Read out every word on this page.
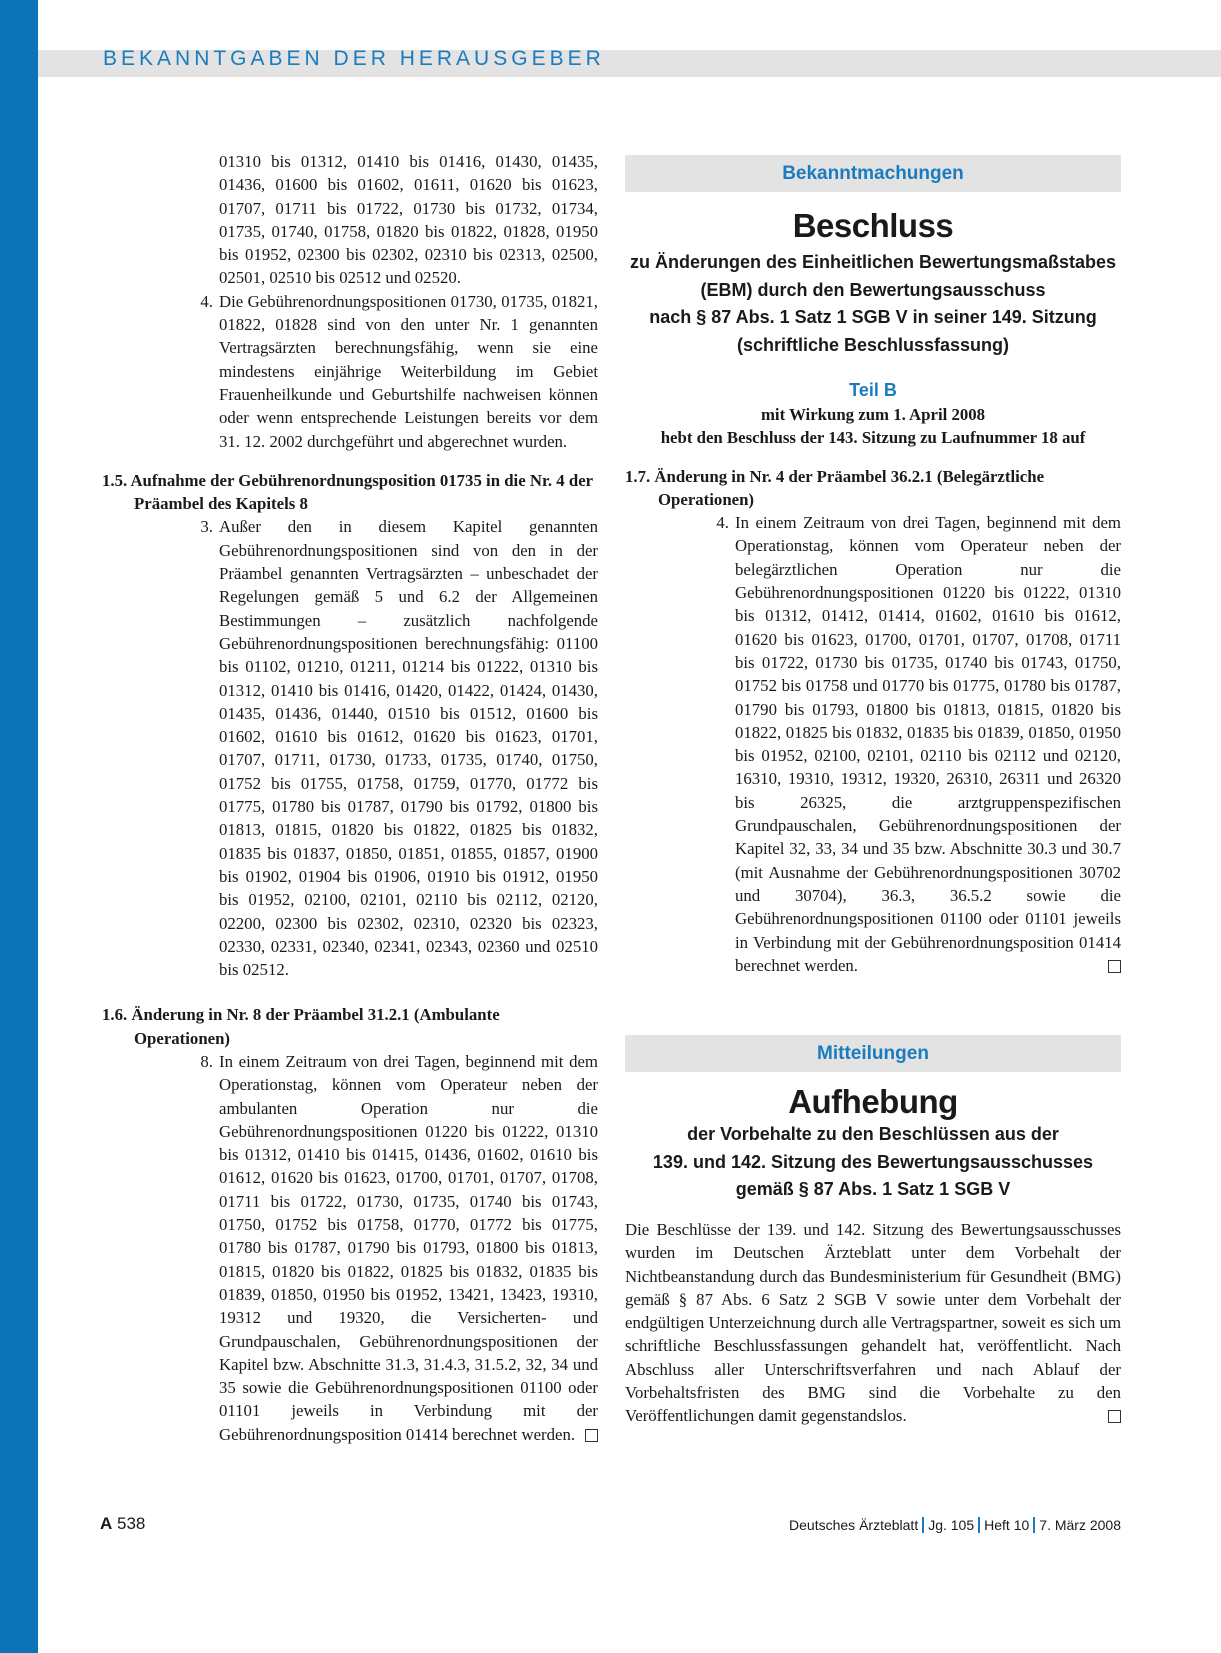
BEKANNTGABEN DER HERAUSGEBER

01310 bis 01312, 01410 bis 01416, 01430, 01435, 01436, 01600 bis 01602, 01611, 01620 bis 01623, 01707, 01711 bis 01722, 01730 bis 01732, 01734, 01735, 01740, 01758, 01820 bis 01822, 01828, 01950 bis 01952, 02300 bis 02302, 02310 bis 02313, 02500, 02501, 02510 bis 02512 und 02520.

4. Die Gebührenordnungspositionen 01730, 01735, 01821, 01822, 01828 sind von den unter Nr. 1 genannten Vertragsärzten berechnungsfähig, wenn sie eine mindestens einjährige Weiterbildung im Gebiet Frauenheilkunde und Geburtshilfe nachweisen können oder wenn entsprechende Leistungen bereits vor dem 31. 12. 2002 durchgeführt und abgerechnet wurden.

1.5. Aufnahme der Gebührenordnungsposition 01735 in die Nr. 4 der Präambel des Kapitels 8

3. Außer den in diesem Kapitel genannten Gebührenordnungspositionen sind von den in der Präambel genannten Vertragsärzten – unbeschadet der Regelungen gemäß 5 und 6.2 der Allgemeinen Bestimmungen – zusätzlich nachfolgende Gebührenordnungspositionen berechnungsfähig: 01100 bis 01102, 01210, 01211, 01214 bis 01222, 01310 bis 01312, 01410 bis 01416, 01420, 01422, 01424, 01430, 01435, 01436, 01440, 01510 bis 01512, 01600 bis 01602, 01610 bis 01612, 01620 bis 01623, 01701, 01707, 01711, 01730, 01733, 01735, 01740, 01750, 01752 bis 01755, 01758, 01759, 01770, 01772 bis 01775, 01780 bis 01787, 01790 bis 01792, 01800 bis 01813, 01815, 01820 bis 01822, 01825 bis 01832, 01835 bis 01837, 01850, 01851, 01855, 01857, 01900 bis 01902, 01904 bis 01906, 01910 bis 01912, 01950 bis 01952, 02100, 02101, 02110 bis 02112, 02120, 02200, 02300 bis 02302, 02310, 02320 bis 02323, 02330, 02331, 02340, 02341, 02343, 02360 und 02510 bis 02512.

1.6. Änderung in Nr. 8 der Präambel 31.2.1 (Ambulante Operationen)

8. In einem Zeitraum von drei Tagen, beginnend mit dem Operationstag, können vom Operateur neben der ambulanten Operation nur die Gebührenordnungspositionen 01220 bis 01222, 01310 bis 01312, 01410 bis 01415, 01436, 01602, 01610 bis 01612, 01620 bis 01623, 01700, 01701, 01707, 01708, 01711 bis 01722, 01730, 01735, 01740 bis 01743, 01750, 01752 bis 01758, 01770, 01772 bis 01775, 01780 bis 01787, 01790 bis 01793, 01800 bis 01813, 01815, 01820 bis 01822, 01825 bis 01832, 01835 bis 01839, 01850, 01950 bis 01952, 13421, 13423, 19310, 19312 und 19320, die Versicherten- und Grundpauschalen, Gebührenordnungspositionen der Kapitel bzw. Abschnitte 31.3, 31.4.3, 31.5.2, 32, 34 und 35 sowie die Gebührenordnungspositionen 01100 oder 01101 jeweils in Verbindung mit der Gebührenordnungsposition 01414 berechnet werden.
Bekanntmachungen
Beschluss
zu Änderungen des Einheitlichen Bewertungsmaßstabes
(EBM) durch den Bewertungsausschuss
nach § 87 Abs. 1 Satz 1 SGB V in seiner 149. Sitzung
(schriftliche Beschlussfassung)
Teil B
mit Wirkung zum 1. April 2008
hebt den Beschluss der 143. Sitzung zu Laufnummer 18 auf

1.7. Änderung in Nr. 4 der Präambel 36.2.1 (Belegärztliche Operationen)

4. In einem Zeitraum von drei Tagen, beginnend mit dem Operationstag, können vom Operateur neben der belegärztlichen Operation nur die Gebührenordnungspositionen 01220 bis 01222, 01310 bis 01312, 01412, 01414, 01602, 01610 bis 01612, 01620 bis 01623, 01700, 01701, 01707, 01708, 01711 bis 01722, 01730 bis 01735, 01740 bis 01743, 01750, 01752 bis 01758 und 01770 bis 01775, 01780 bis 01787, 01790 bis 01793, 01800 bis 01813, 01815, 01820 bis 01822, 01825 bis 01832, 01835 bis 01839, 01850, 01950 bis 01952, 02100, 02101, 02110 bis 02112 und 02120, 16310, 19310, 19312, 19320, 26310, 26311 und 26320 bis 26325, die arztgruppenspezifischen Grundpauschalen, Gebührenordnungspositionen der Kapitel 32, 33, 34 und 35 bzw. Abschnitte 30.3 und 30.7 (mit Ausnahme der Gebührenordnungspositionen 30702 und 30704), 36.3, 36.5.2 sowie die Gebührenordnungspositionen 01100 oder 01101 jeweils in Verbindung mit der Gebührenordnungsposition 01414 berechnet werden.
Mitteilungen
Aufhebung
der Vorbehalte zu den Beschlüssen aus der
139. und 142. Sitzung des Bewertungsausschusses
gemäß § 87 Abs. 1 Satz 1 SGB V

Die Beschlüsse der 139. und 142. Sitzung des Bewertungsausschusses wurden im Deutschen Ärzteblatt unter dem Vorbehalt der Nichtbeanstandung durch das Bundesministerium für Gesundheit (BMG) gemäß § 87 Abs. 6 Satz 2 SGB V sowie unter dem Vorbehalt der endgültigen Unterzeichnung durch alle Vertragspartner, soweit es sich um schriftliche Beschlussfassungen gehandelt hat, veröffentlicht. Nach Abschluss aller Unterschriftsverfahren und nach Ablauf der Vorbehaltsfristen des BMG sind die Vorbehalte zu den Veröffentlichungen damit gegenstandslos.

A 538	Deutsches Ärzteblatt Jg. 105 Heft 10 7. März 2008
